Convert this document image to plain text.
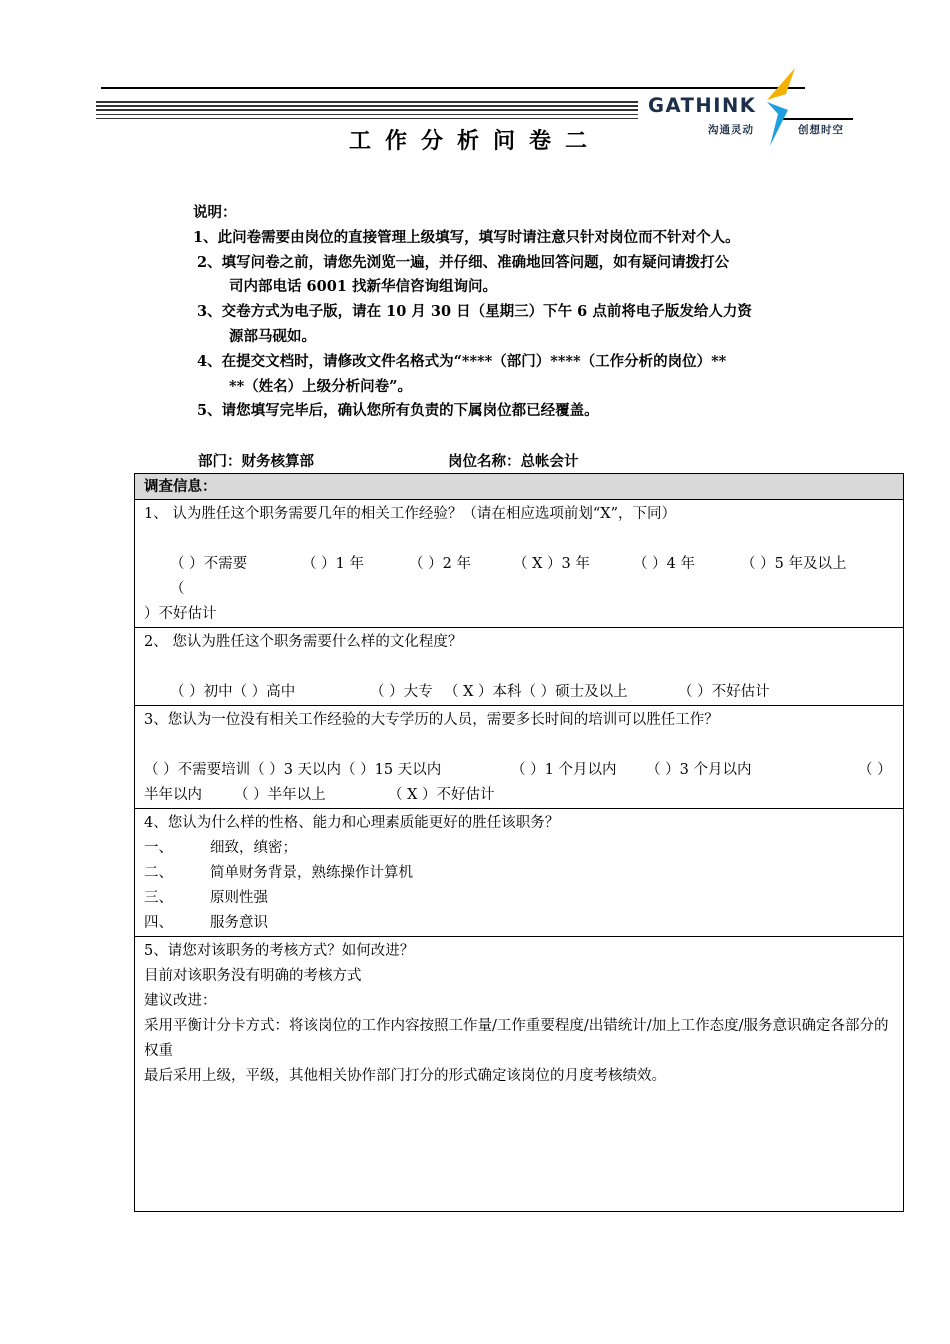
GATHINK
沟通灵动	创想时空
工作分析问卷二

说明：

1、此问卷需要由岗位的直接管理上级填写，填写时请注意只针对岗位而不针对个人。

2、填写问卷之前，请您先浏览一遍，并仔细、准确地回答问题，如有疑问请拨打公

司内部电话 6001 找新华信咨询组询问。

3、交卷方式为电子版，请在 10 月 30 日（星期三）下午 6 点前将电子版发给人力资

源部马砚如。

4、在提交文档时，请修改文件名格式为“****（部门）****（工作分析的岗位）**

**（姓名）上级分析问卷”。

5、请您填写完毕后，确认您所有负责的下属岗位都已经覆盖。

部门：财务核算部	岗位名称：总帐会计
调查信息：

1、 认为胜任这个职务需要几年的相关工作经验？（请在相应选项前划“X”，下同）
（ ）不需要	（ ）1 年	（ ）2 年	（ X ）3 年	（ ）4 年	（ ）5 年及以上
（
）不好估计

2、 您认为胜任这个职务需要什么样的文化程度？
（ ）初中（ ）高中	（ ）大专 （ X ）本科（ ）硕士及以上	（ ）不好估计

3、您认为一位没有相关工作经验的大专学历的人员，需要多长时间的培训可以胜任工作？
（ ）不需要培训（ ）3 天以内（ ）15 天以内	（ ）1 个月以内	（ ）3 个月以内	（ ）
半年以内	（ ）半年以上	（ X ）不好估计

4、您认为什么样的性格、能力和心理素质能更好的胜任该职务？
一、	细致，缜密；
二、	简单财务背景，熟练操作计算机
三、	原则性强
四、	服务意识

5、请您对该职务的考核方式？如何改进？
目前对该职务没有明确的考核方式
建议改进：
采用平衡计分卡方式：将该岗位的工作内容按照工作量/工作重要程度/出错统计/加上工作态度/服务意识确定各部分的权重
最后采用上级，平级，其他相关协作部门打分的形式确定该岗位的月度考核绩效。
